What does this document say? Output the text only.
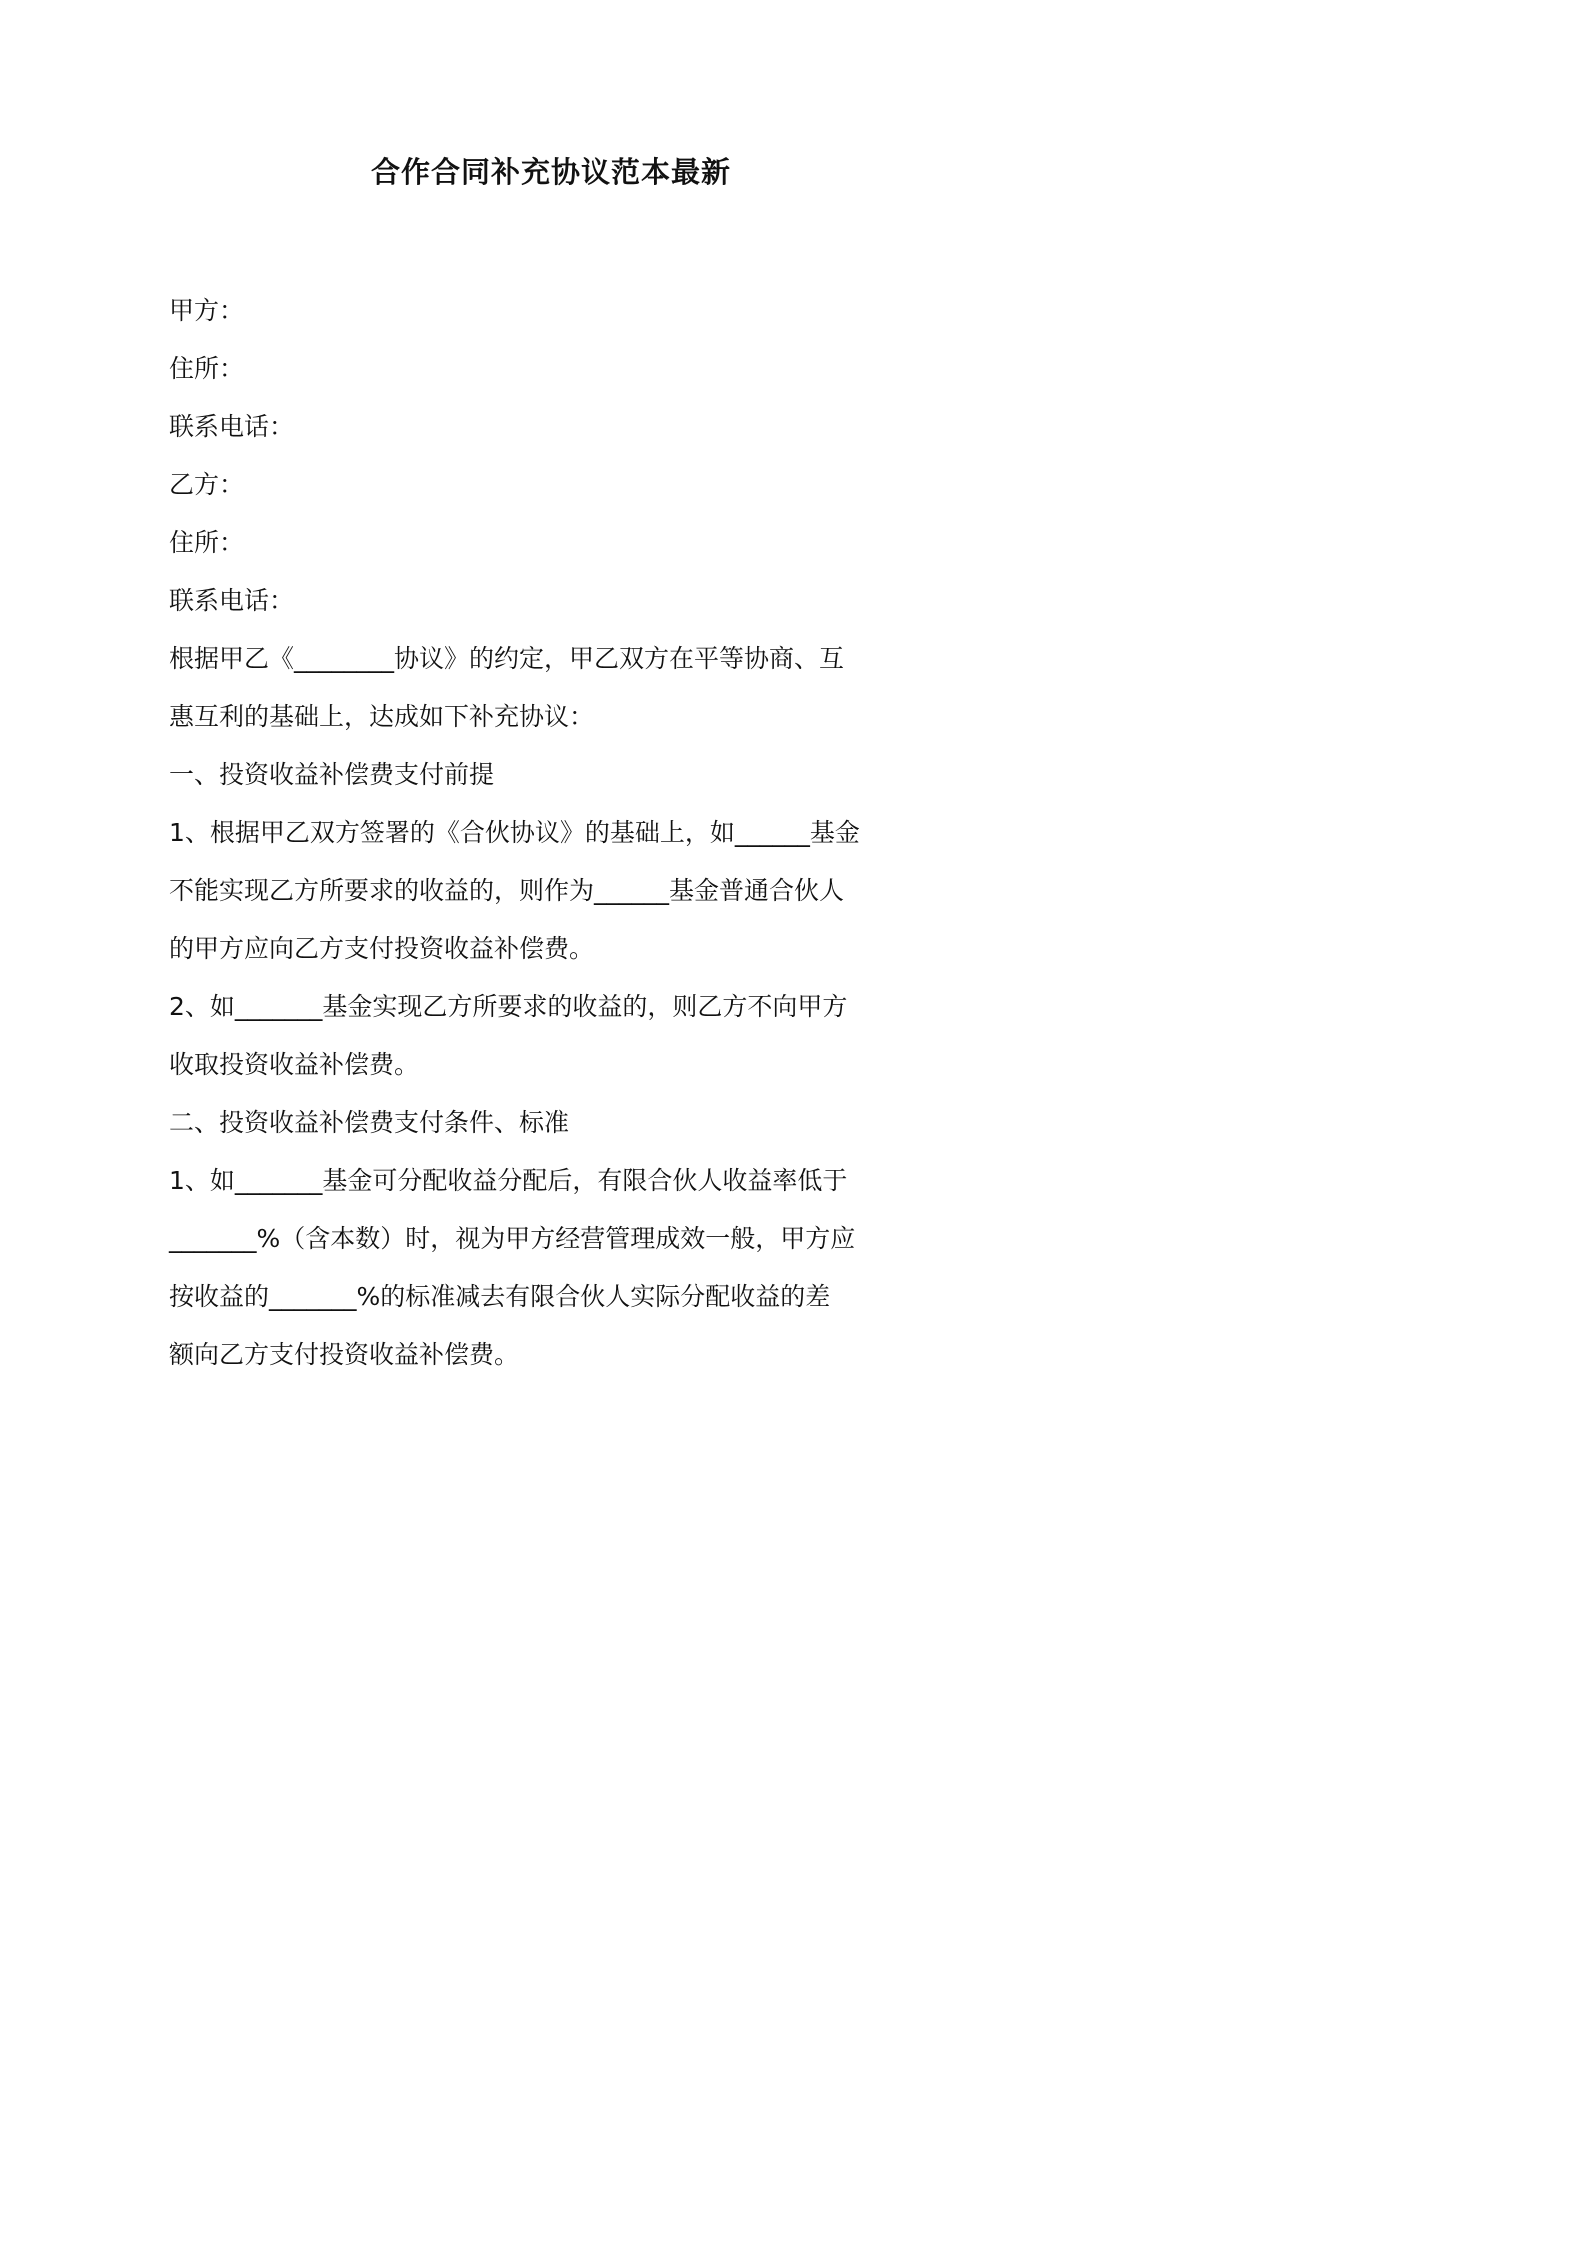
合作合同补充协议范本最新
甲方：
住所：
联系电话：
乙方：
住所：
联系电话：
根据甲乙《________协议》的约定，甲乙双方在平等协商、互
惠互利的基础上，达成如下补充协议：
一、投资收益补偿费支付前提
1、根据甲乙双方签署的《合伙协议》的基础上，如______基金
不能实现乙方所要求的收益的，则作为______基金普通合伙人
的甲方应向乙方支付投资收益补偿费。
2、如_______基金实现乙方所要求的收益的，则乙方不向甲方
收取投资收益补偿费。
二、投资收益补偿费支付条件、标准
1、如_______基金可分配收益分配后，有限合伙人收益率低于
_______%（含本数）时，视为甲方经营管理成效一般，甲方应
按收益的_______%的标准减去有限合伙人实际分配收益的差
额向乙方支付投资收益补偿费。
